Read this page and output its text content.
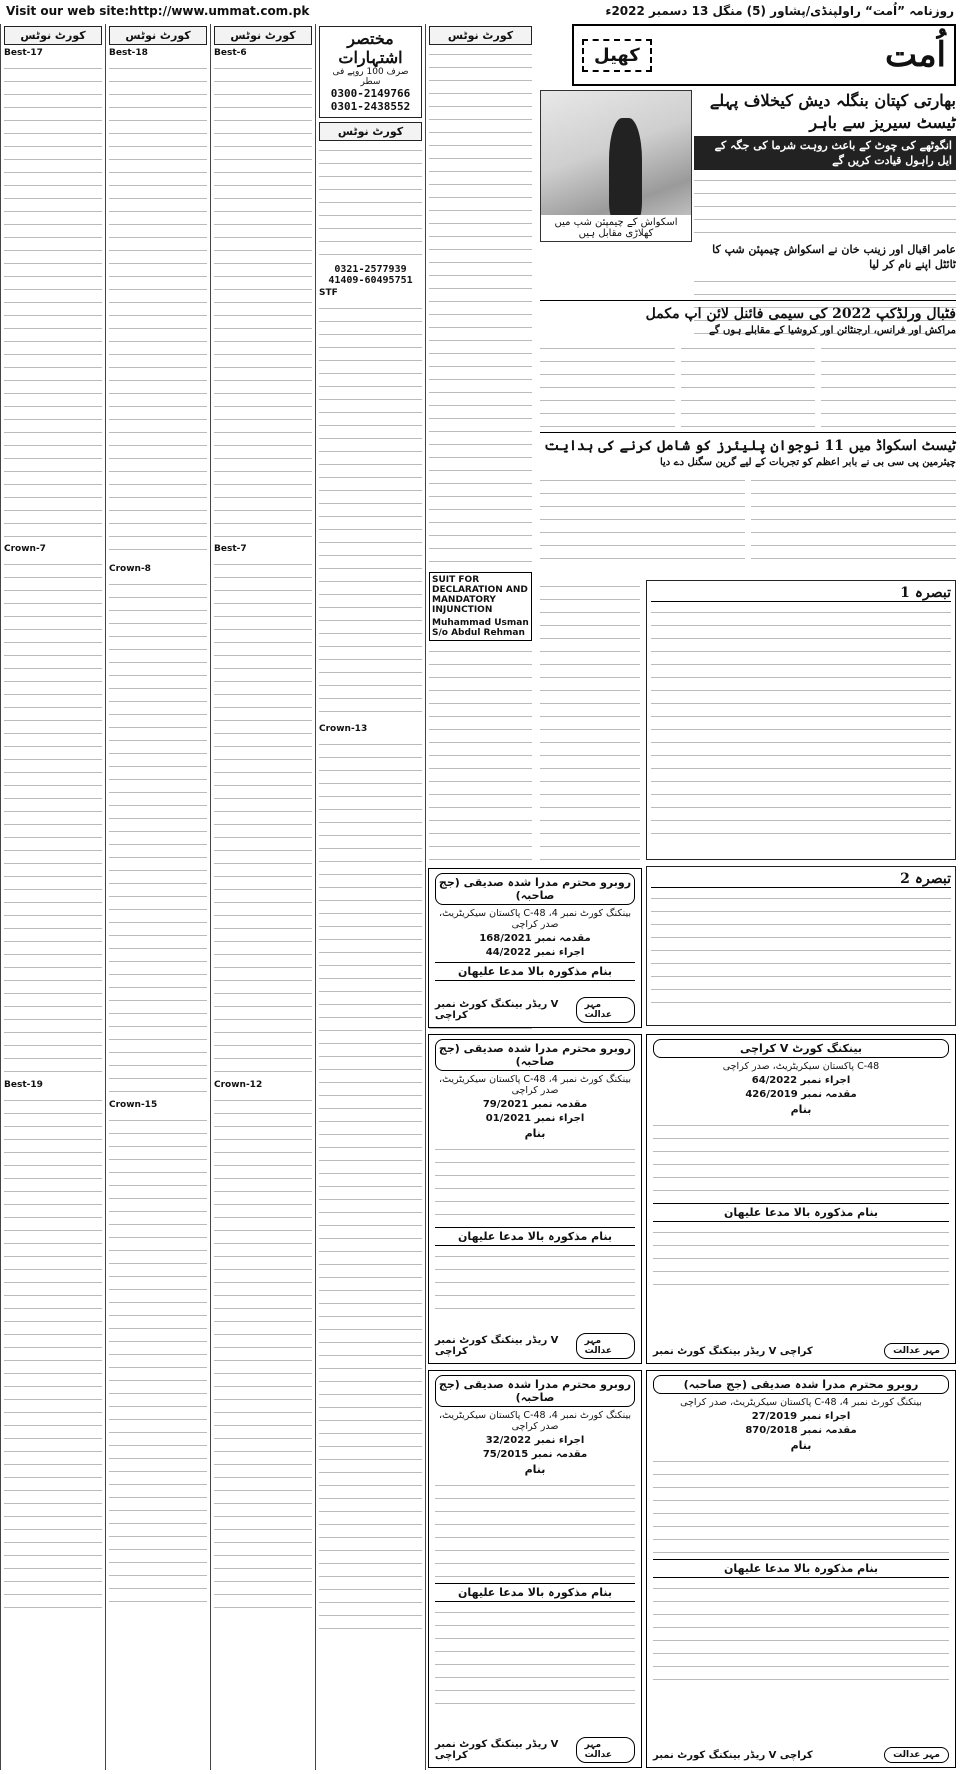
Visit our web site:http://www.ummat.com.pk	روزنامہ ”اُمت“ راولپنڈی/پشاور (5) منگل 13 دسمبر 2022ء
کورٹ نوٹس
Best-17
Crown-7
Best-19
کورٹ نوٹس
Best-18
Crown-8
Crown-15
کورٹ نوٹس
Best-6
Best-7
Crown-12
مختصر اشتہارات
صرف 100 روپے فی سطر
0300-2149766
0301-2438552
کورٹ نوٹس
0321-2577939
41409-60495751
STF
Crown-13
کورٹ نوٹس
SUIT FOR DECLARATION AND MANDATORY INJUNCTION
Muhammad Usman S/o Abdul Rehman
کھیل	اُمت
اسکواش کے چیمپئن شپ میں کھلاڑی مقابل ہیں
بھارتی کپتان بنگلہ دیش کیخلاف پہلے ٹیسٹ سیریز سے باہر
انگوٹھے کی چوٹ کے باعث روہت شرما کی جگہ کے ایل راہول قیادت کریں گے
عامر اقبال اور زینب خان نے اسکواش چیمپئن شپ کا ٹائٹل اپنے نام کر لیا
فٹبال ورلڈکپ 2022 کی سیمی فائنل لائن اپ مکمل
مراکش اور فرانس، ارجنٹائن اور کروشیا کے مقابلے ہوں گے
ٹیسٹ اسکواڈ میں 11 نوجوان پلیئرز کو شامل کرنے کی ہدایت
چیئرمین پی سی بی نے بابر اعظم کو تجربات کے لیے گرین سگنل دے دیا
تبصرہ 1
تبصرہ 2
روبرو محترم مدرا شدہ صدیقی (جج صاحبہ)
بینکنگ کورٹ نمبر 4، 48-C پاکستان سیکریٹریٹ، صدر کراچی
مقدمہ نمبر 168/2021
اجراء نمبر 44/2022
بنام مذکورہ بالا مدعا علیھان
ریڈر بینکنگ کورٹ نمبر V کراچی
مہر عدالت
روبرو محترم مدرا شدہ صدیقی (جج صاحبہ)
بینکنگ کورٹ نمبر 4، 48-C پاکستان سیکریٹریٹ، صدر کراچی
مقدمہ نمبر 79/2021
اجراء نمبر 01/2021
بنام
بنام مذکورہ بالا مدعا علیھان
ریڈر بینکنگ کورٹ نمبر V کراچی
مہر عدالت
بینکنگ کورٹ V کراچی
48-C پاکستان سیکریٹریٹ، صدر کراچی
اجراء نمبر 64/2022
مقدمہ نمبر 426/2019
بنام
بنام مذکورہ بالا مدعا علیھان
ریڈر بینکنگ کورٹ نمبر V کراچی	مہر عدالت
روبرو محترم مدرا شدہ صدیقی (جج صاحبہ)
بینکنگ کورٹ نمبر 4، 48-C پاکستان سیکریٹریٹ، صدر کراچی
اجراء نمبر 32/2022
مقدمہ نمبر 75/2015
بنام
بنام مذکورہ بالا مدعا علیھان
ریڈر بینکنگ کورٹ نمبر V کراچی
مہر عدالت
روبرو محترم مدرا شدہ صدیقی (جج صاحبہ)
بینکنگ کورٹ نمبر 4، 48-C پاکستان سیکریٹریٹ، صدر کراچی
اجراء نمبر 27/2019
مقدمہ نمبر 870/2018
بنام
بنام مذکورہ بالا مدعا علیھان
ریڈر بینکنگ کورٹ نمبر V کراچی	مہر عدالت
